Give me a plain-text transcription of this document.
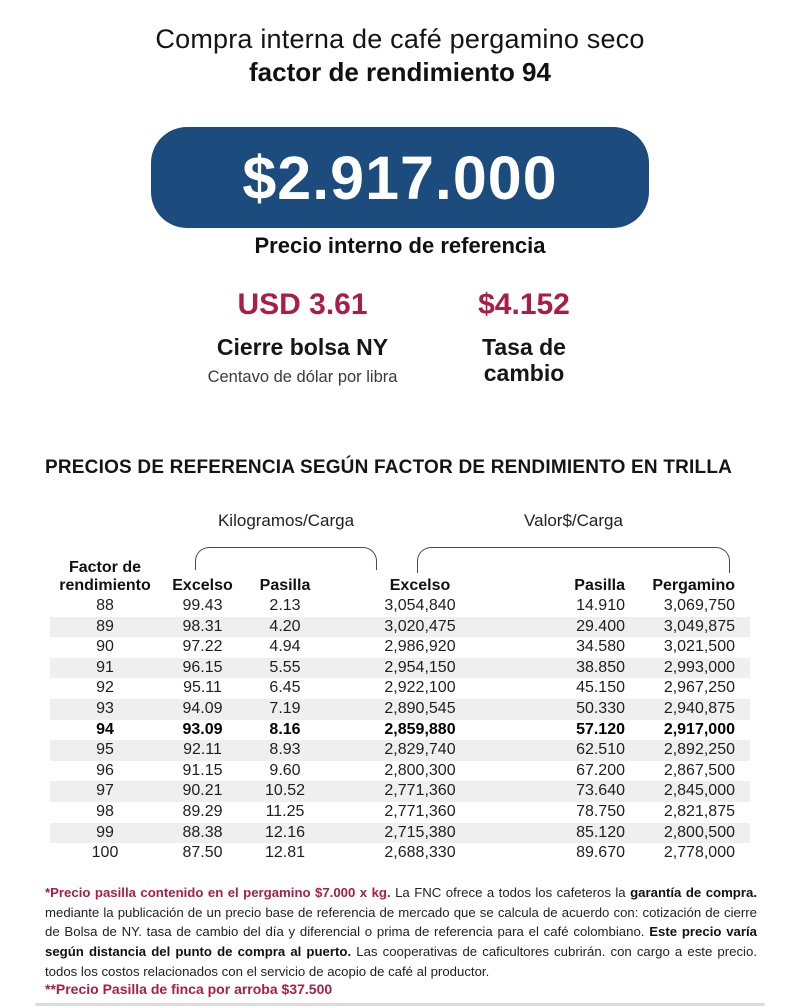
Compra interna de café pergamino seco
factor de rendimiento 94
$2.917.000
Precio interno de referencia
USD 3.61
Cierre bolsa NY
Centavo de dólar por libra
$4.152
Tasa de cambio
PRECIOS DE REFERENCIA SEGÚN FACTOR DE RENDIMIENTO EN TRILLA
Kilogramos/Carga	Valor$/Carga
Factor de rendimiento	Excelso	Pasilla	Excelso	Pasilla	Pergamino
88	99.43	2.13	3,054,840	14.910	3,069,750
89	98.31	4.20	3,020,475	29.400	3,049,875
90	97.22	4.94	2,986,920	34.580	3,021,500
91	96.15	5.55	2,954,150	38.850	2,993,000
92	95.11	6.45	2,922,100	45.150	2,967,250
93	94.09	7.19	2,890,545	50.330	2,940,875
94	93.09	8.16	2,859,880	57.120	2,917,000
95	92.11	8.93	2,829,740	62.510	2,892,250
96	91.15	9.60	2,800,300	67.200	2,867,500
97	90.21	10.52	2,771,360	73.640	2,845,000
98	89.29	11.25	2,771,360	78.750	2,821,875
99	88.38	12.16	2,715,380	85.120	2,800,500
100	87.50	12.81	2,688,330	89.670	2,778,000

*Precio pasilla contenido en el pergamino $7.000 x kg. La FNC ofrece a todos los cafeteros la garantía de compra. mediante la publicación de un precio base de referencia de mercado que se calcula de acuerdo con: cotización de cierre de Bolsa de NY. tasa de cambio del día y diferencial o prima de referencia para el café colombiano. Este precio varía según distancia del punto de compra al puerto. Las cooperativas de caficultores cubrirán. con cargo a este precio. todos los costos relacionados con el servicio de acopio de café al productor.

**Precio Pasilla de finca por arroba $37.500
